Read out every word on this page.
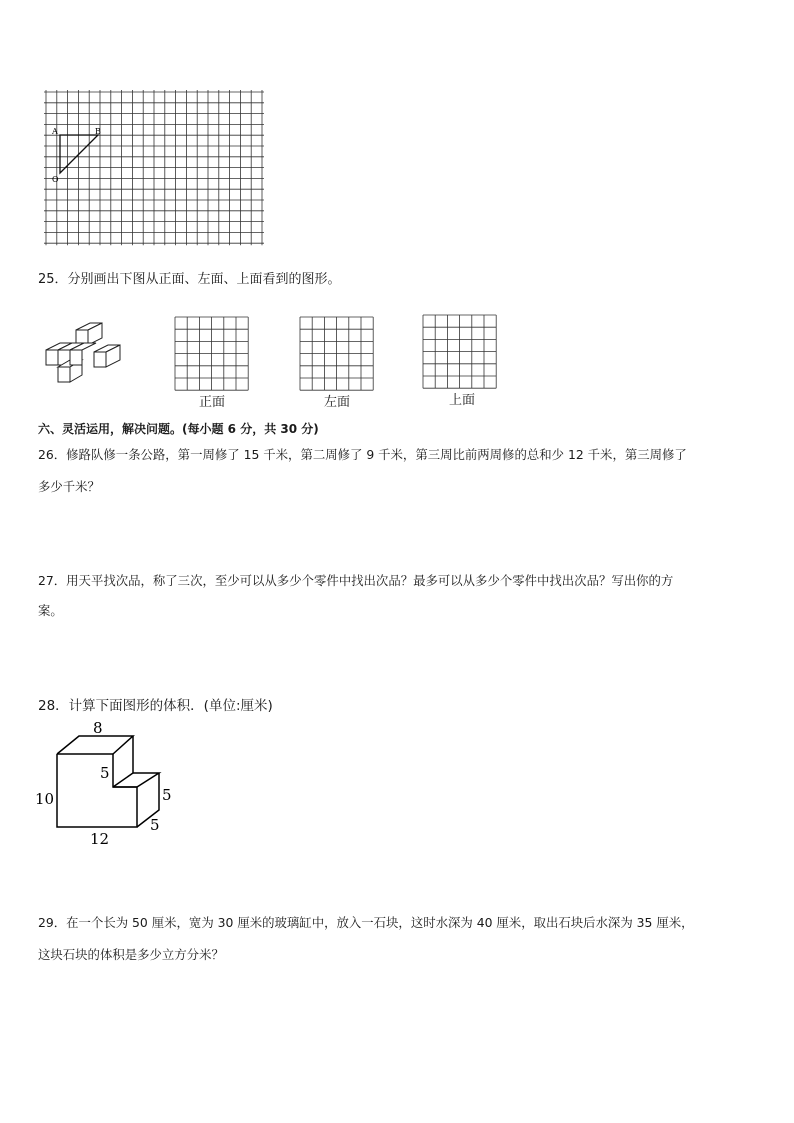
A	B
O
25．分别画出下图从正面、左面、上面看到的图形。
正面	左面	上面
六、灵活运用，解决问题。(每小题 6 分，共 30 分)
26．修路队修一条公路，第一周修了 15 千米，第二周修了 9 千米，第三周比前两周修的总和少 12 千米，第三周修了
多少千米？
27．用天平找次品，称了三次，至少可以从多少个零件中找出次品？最多可以从多少个零件中找出次品？写出你的方
案。
28．计算下面图形的体积．(单位:厘米)
8
5
10	5
5
12
29．在一个长为 50 厘米，宽为 30 厘米的玻璃缸中，放入一石块，这时水深为 40 厘米，取出石块后水深为 35 厘米，
这块石块的体积是多少立方分米？
